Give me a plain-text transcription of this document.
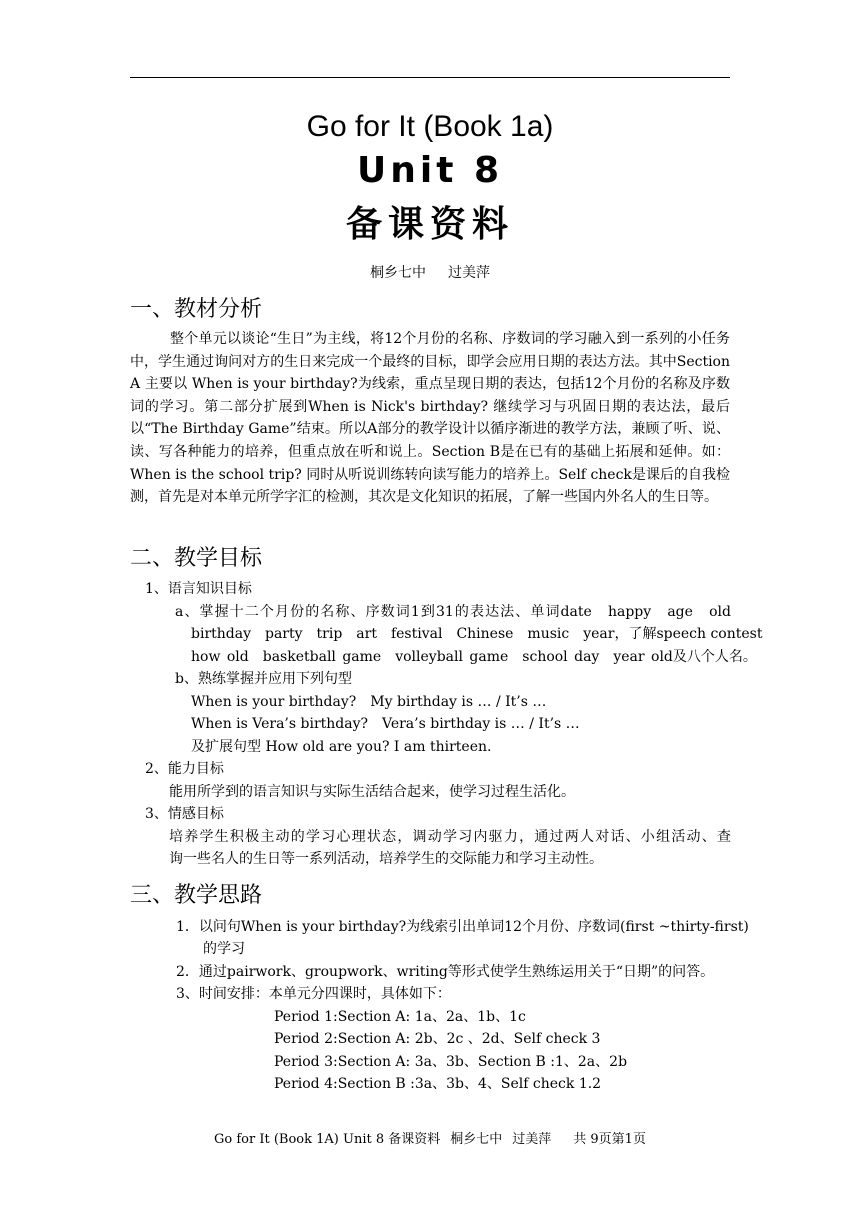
Go for It (Book 1a)
Unit 8
备课资料
桐乡七中 过美萍
一、教材分析

整个单元以谈论“生日”为主线，将12个月份的名称、序数词的学习融入到一系列的小任务中，学生通过询问对方的生日来完成一个最终的目标，即学会应用日期的表达方法。其中Section A 主要以 When is your birthday?为线索，重点呈现日期的表达，包括12个月份的名称及序数词的学习。第二部分扩展到When is Nick's birthday? 继续学习与巩固日期的表达法，最后以“The Birthday Game”结束。所以A部分的教学设计以循序渐进的教学方法，兼顾了听、说、读、写各种能力的培养，但重点放在听和说上。Section B是在已有的基础上拓展和延伸。如：When is the school trip? 同时从听说训练转向读写能力的培养上。Self check是课后的自我检测，首先是对本单元所学字汇的检测，其次是文化知识的拓展，了解一些国内外名人的生日等。

二、教学目标
1、语言知识目标
a、掌握十二个月份的名称、序数词1到31的表达法、单词date　happy　age　old
birthday　party　trip　art　festival　Chinese　music　year，了解speech contest
how old　basketball game　volleyball game　school day　year old及八个人名。
b、熟练掌握并应用下列句型
When is your birthday?　My birthday is … / It’s …
When is Vera’s birthday?　Vera’s birthday is … / It’s …
及扩展句型 How old are you? I am thirteen.
2、能力目标
能用所学到的语言知识与实际生活结合起来，使学习过程生活化。
3、情感目标
培养学生积极主动的学习心理状态，调动学习内驱力，通过两人对话、小组活动、查
询一些名人的生日等一系列活动，培养学生的交际能力和学习主动性。
三、教学思路
1．以问句When is your birthday?为线索引出单词12个月份、序数词(first ~thirty-first)
的学习
2．通过pairwork、groupwork、writing等形式使学生熟练运用关于“日期”的问答。
3、时间安排：本单元分四课时，具体如下：
Period 1:Section A: 1a、2a、1b、1c
Period 2:Section A: 2b、2c 、2d、Self check 3
Period 3:Section A: 3a、3b、Section B :1、2a、2b
Period 4:Section B :3a、3b、4、Self check 1.2
Go for It (Book 1A) Unit 8 备课资料 桐乡七中 过美萍 共 9页第1页
